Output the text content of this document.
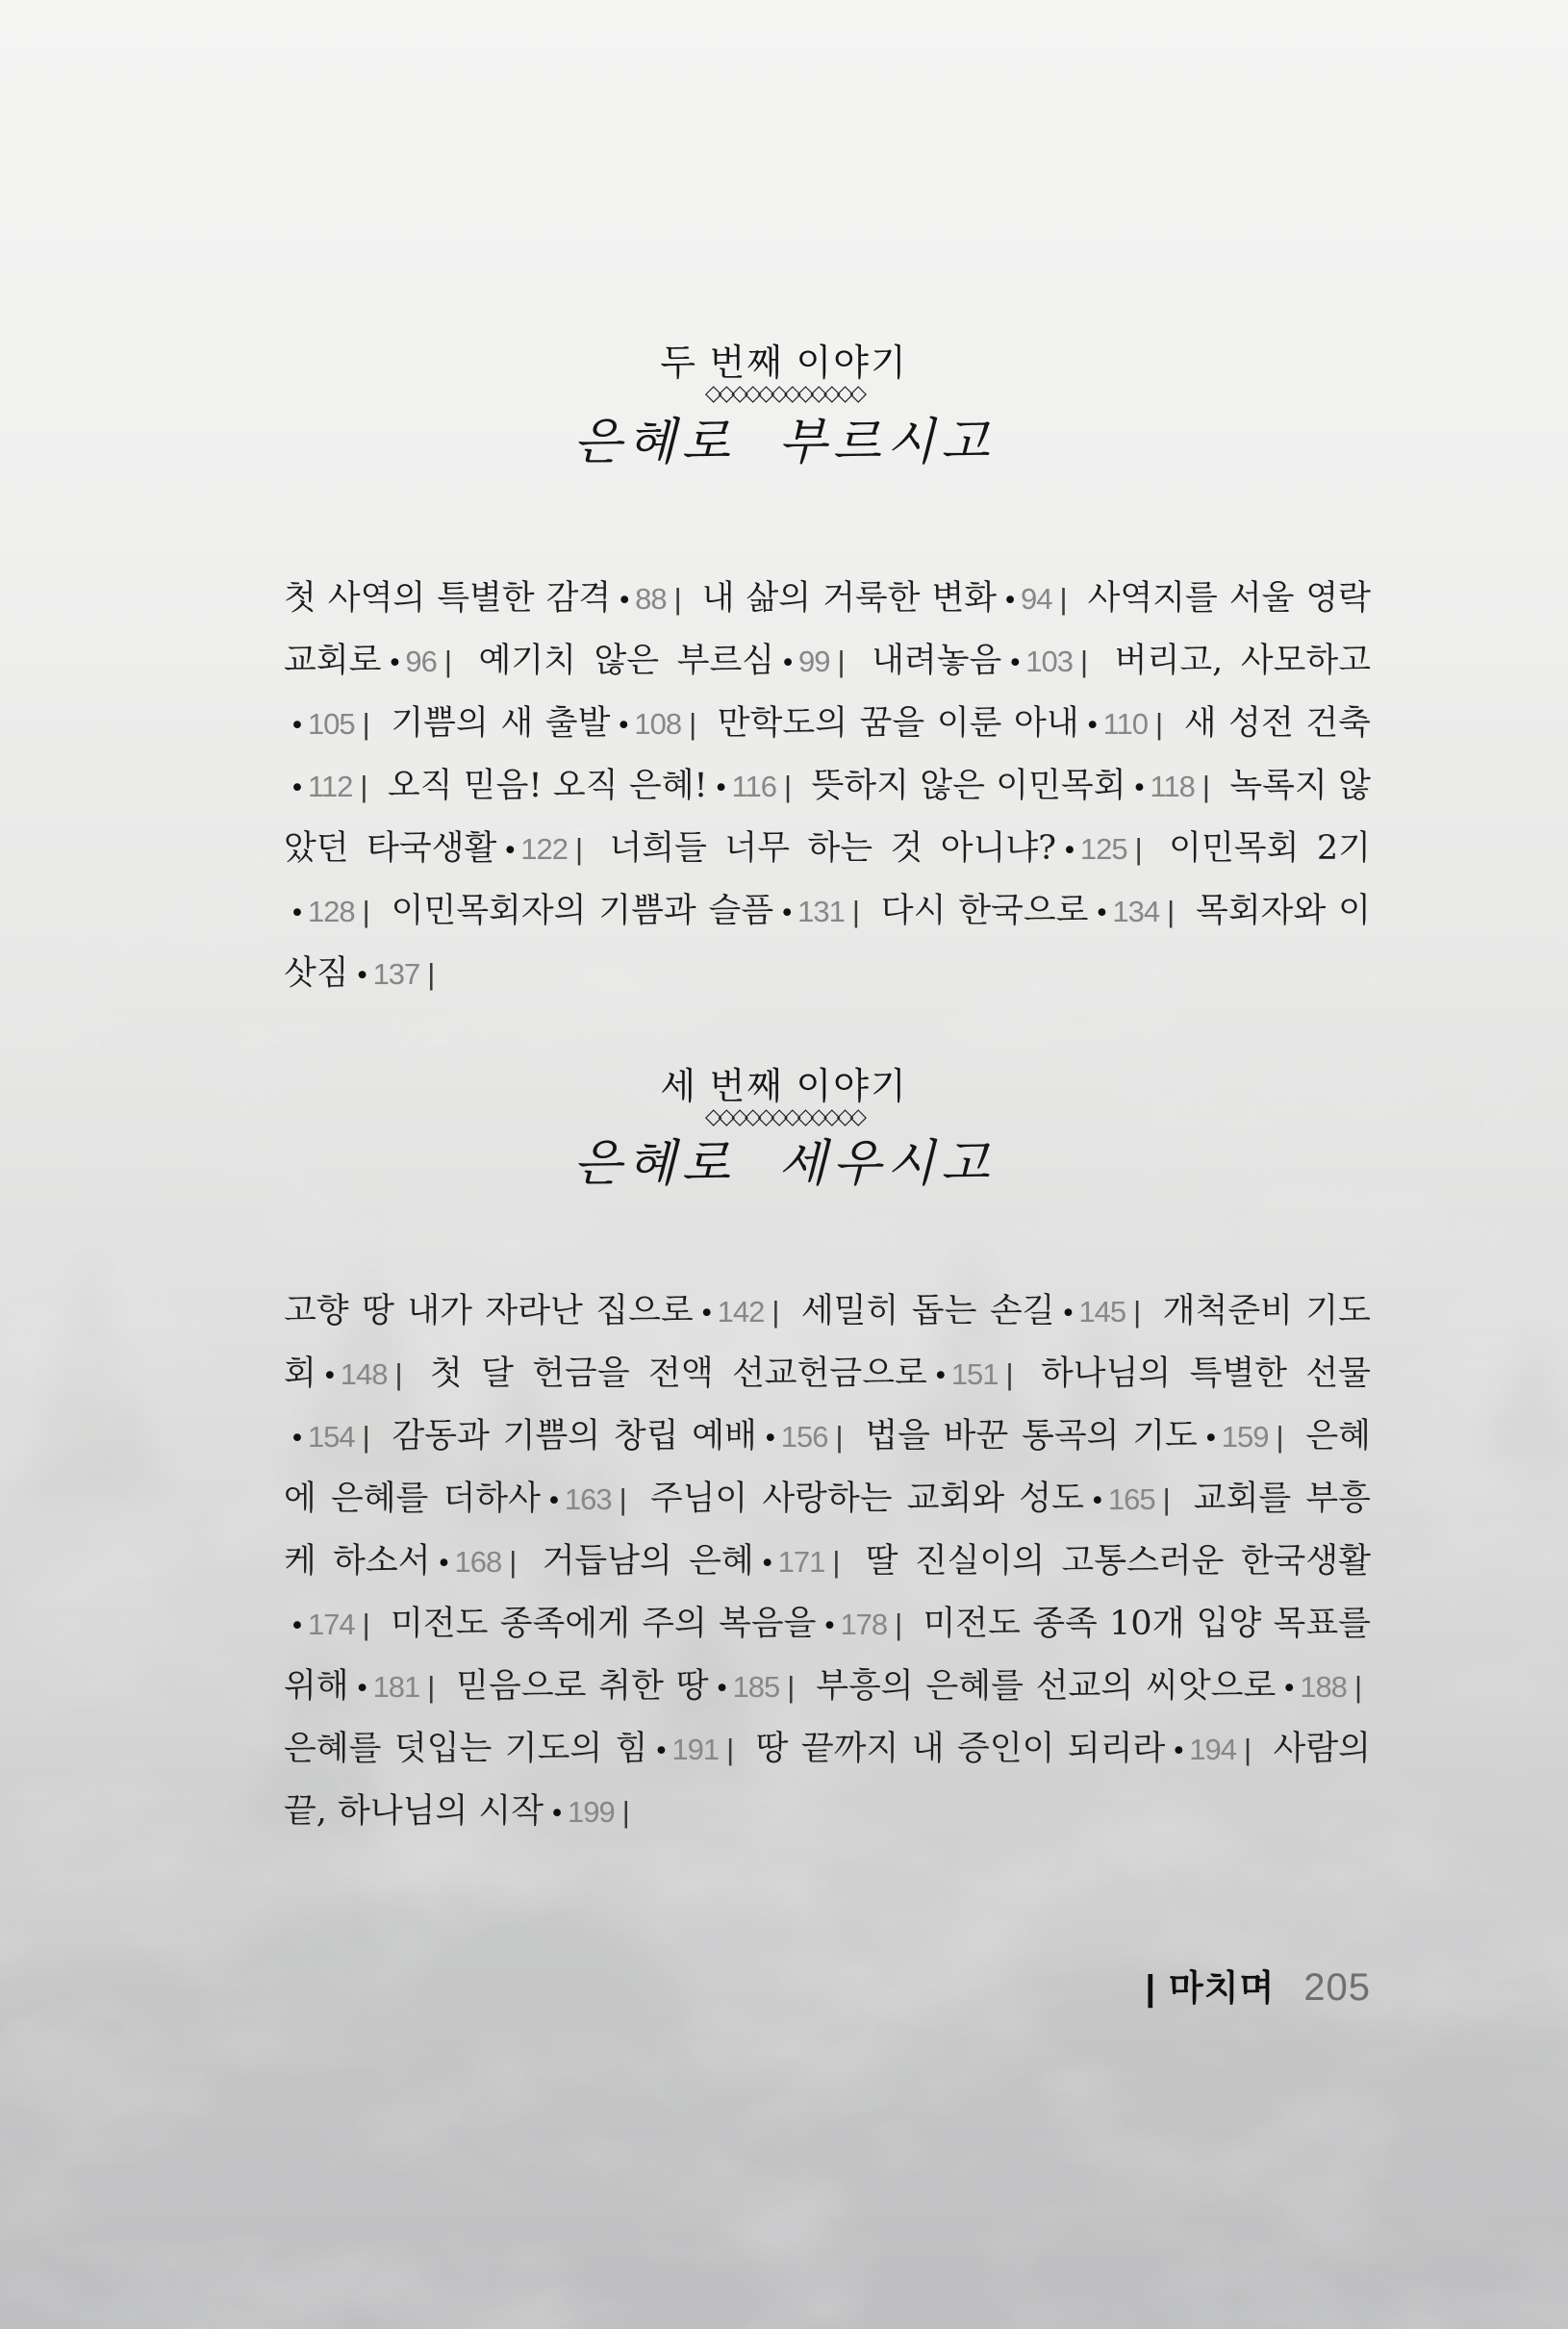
두 번째 이야기
◇◇◇◇◇◇◇◇◇◇◇◇
은혜로 부르시고

첫 사역의 특별한 감격 •88 | 내 삶의 거룩한 변화 •94 | 사역지를 서울 영락교회로 •96 | 예기치 않은 부르심 •99 | 내려놓음 •103 | 버리고, 사모하고•105 | 기쁨의 새 출발 •108 | 만학도의 꿈을 이룬 아내 •110 | 새 성전 건축•112 | 오직 믿음! 오직 은혜! •116 | 뜻하지 않은 이민목회 •118 | 녹록지 않았던 타국생활 •122 | 너희들 너무 하는 것 아니냐? •125 | 이민목회 2기•128 | 이민목회자의 기쁨과 슬픔 •131 | 다시 한국으로 •134 | 목회자와 이삿짐 •137 |

세 번째 이야기
◇◇◇◇◇◇◇◇◇◇◇◇
은혜로 세우시고

고향 땅 내가 자라난 집으로 •142 | 세밀히 돕는 손길 •145 | 개척준비 기도회 •148 | 첫 달 헌금을 전액 선교헌금으로 •151 | 하나님의 특별한 선물•154 | 감동과 기쁨의 창립 예배 •156 | 법을 바꾼 통곡의 기도 •159 | 은혜에 은혜를 더하사 •163 | 주님이 사랑하는 교회와 성도 •165 | 교회를 부흥케 하소서 •168 | 거듭남의 은혜 •171 | 딸 진실이의 고통스러운 한국생활•174 | 미전도 종족에게 주의 복음을 •178 | 미전도 종족 10개 입양 목표를 위해 •181 | 믿음으로 취한 땅 •185 | 부흥의 은혜를 선교의 씨앗으로 •188 | 은혜를 덧입는 기도의 힘 •191 | 땅 끝까지 내 증인이 되리라 •194 | 사람의 끝, 하나님의 시작 •199 |

| 마치며 205
